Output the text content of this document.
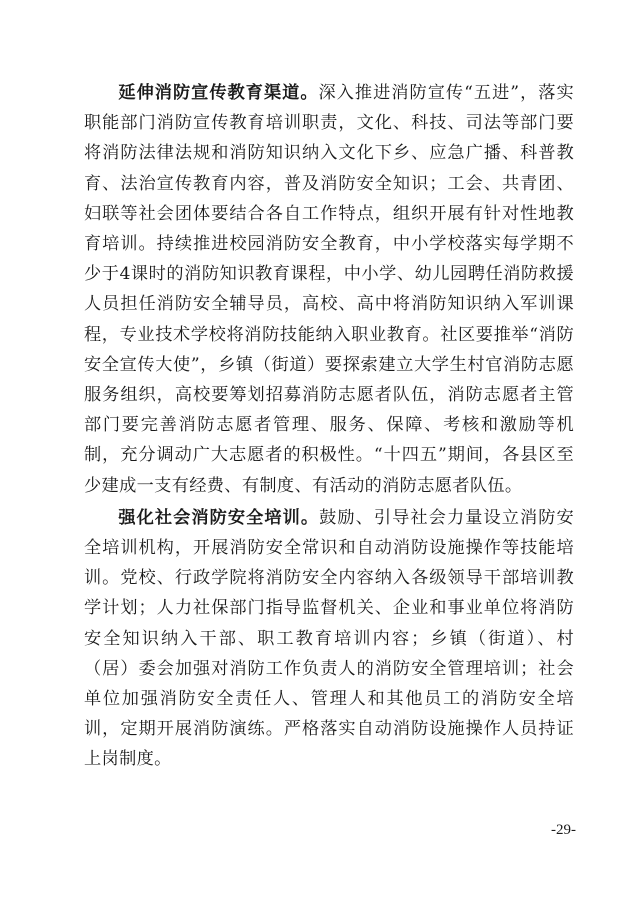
延伸消防宣传教育渠道。深入推进消防宣传“五进”，落实职能部门消防宣传教育培训职责，文化、科技、司法等部门要将消防法律法规和消防知识纳入文化下乡、应急广播、科普教育、法治宣传教育内容，普及消防安全知识；工会、共青团、妇联等社会团体要结合各自工作特点，组织开展有针对性地教育培训。持续推进校园消防安全教育，中小学校落实每学期不少于4课时的消防知识教育课程，中小学、幼儿园聘任消防救援人员担任消防安全辅导员，高校、高中将消防知识纳入军训课程，专业技术学校将消防技能纳入职业教育。社区要推举“消防安全宣传大使”，乡镇（街道）要探索建立大学生村官消防志愿服务组织，高校要筹划招募消防志愿者队伍，消防志愿者主管部门要完善消防志愿者管理、服务、保障、考核和激励等机制，充分调动广大志愿者的积极性。“十四五”期间，各县区至少建成一支有经费、有制度、有活动的消防志愿者队伍。

强化社会消防安全培训。鼓励、引导社会力量设立消防安全培训机构，开展消防安全常识和自动消防设施操作等技能培训。党校、行政学院将消防安全内容纳入各级领导干部培训教学计划；人力社保部门指导监督机关、企业和事业单位将消防安全知识纳入干部、职工教育培训内容；乡镇（街道）、村（居）委会加强对消防工作负责人的消防安全管理培训；社会单位加强消防安全责任人、管理人和其他员工的消防安全培训，定期开展消防演练。严格落实自动消防设施操作人员持证上岗制度。

-29-
